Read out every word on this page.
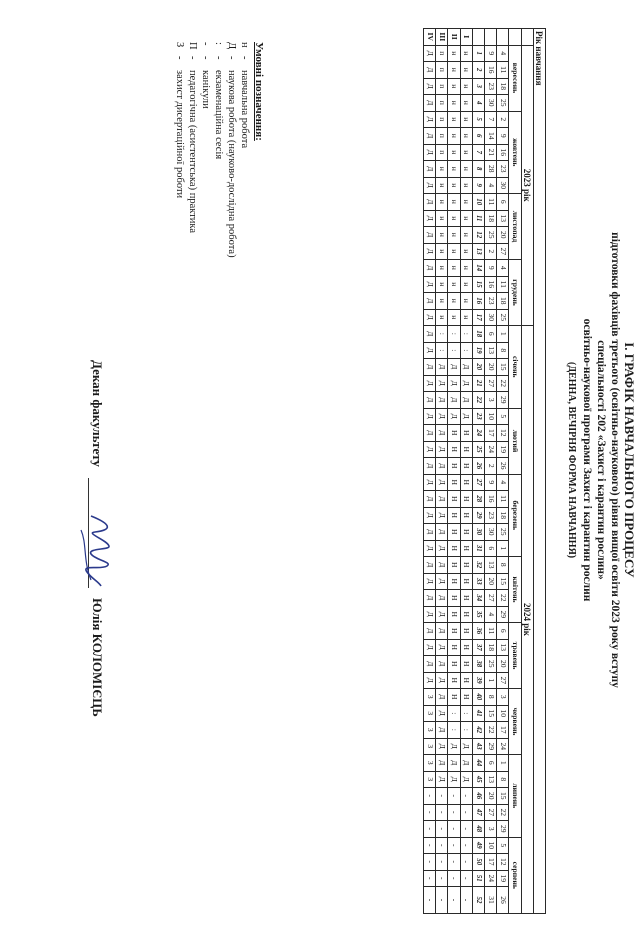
I. ГРАФІК НАВЧАЛЬНОГО ПРОЦЕСУ
підготовки фахівців третього (освітньо-наукового) рівня вищої освіти 2023 року вступу
спеціальності 202 «Захист і карантин рослин»
освітньо-наукової програми Захист і карантин рослин
(ДЕННА, ВЕЧІРНЯ ФОРМА НАВЧАННЯ)
Рік навчання																																																				
	2023 рік																	2024 рік																																		
	вересень				жовтень					листопад				грудень				січень					лютий				березень					квітень				травень				червень				липень					серпень			
	4	11	18	25	2	9	16	23	30	6	13	20	27	4	11	18	25	1	8	15	22	29	5	12	19	26	4	11	18	25	1	8	15	22	29	6	13	20	27	3	10	17	24	1	8	15	22	29	5	12	19	26
	9	16	23	30	7	14	21	28	4	11	18	25	2	9	16	23	30	6	13	20	27	3	10	17	24	2	9	16	23	30	6	13	20	27	4	11	18	25	1	8	15	22	29	6	13	20	27	3	10	17	24	31
	1	2	3	4	5	6	7	8	9	10	11	12	13	14	15	16	17	18	19	20	21	22	23	24	25	26	27	28	29	30	31	32	33	34	35	36	37	38	39	40	41	42	43	44	45	46	47	48	49	50	51	52
I	н	н	н	н	н	н	н	н	н	н	н	н	н	н	н	н	н	:	:	Д	Д	Д	Д	Н	Н	Н	Н	Н	Н	Н	Н	Н	Н	Н	Н	Н	Н	Н	Н	Н	:	:	Д	Д	Д	-	-	-	-	-	-	-
II	н	н	н	н	н	н	н	н	н	н	н	н	н	н	н	н	н	:	:	Д	Д	Д	Д	Н	Н	Н	Н	Н	Н	Н	Н	Н	Н	Н	Н	Н	Н	Н	Н	Н	:	:	Д	Д	Д	-	-	-	-	-	-	-
III	п	п	п	п	п	п	п	н	н	н	н	н	н	н	н	н	н	:	:	Д	Д	Д	Д	Д	Д	Д	Д	Д	Д	Д	Д	Д	Д	Д	Д	Д	Д	Д	Д	Д	Д	Д	Д	Д	Д	-	-	-	-	-	-	-
IV	Д	Д	Д	Д	Д	Д	Д	Д	Д	Д	Д	Д	Д	Д	Д	Д	Д	Д	Д	Д	Д	Д	Д	Д	Д	Д	Д	Д	Д	Д	Д	Д	Д	Д	Д	Д	Д	Д	Д	З	З	З	З	З	З	-	-	-	-	-	-	-
Умовні позначення:
н
-
навчальна робота
Д
-
наукова робота (науково-дослідна робота)
:
-
екзаменаційна сесія
-
-
канікули
П
-
педагогічна (асистентська) практика
З
-
захист дисертаційної роботи
Декан факультету
Юлія КОЛОМІЄЦЬ
